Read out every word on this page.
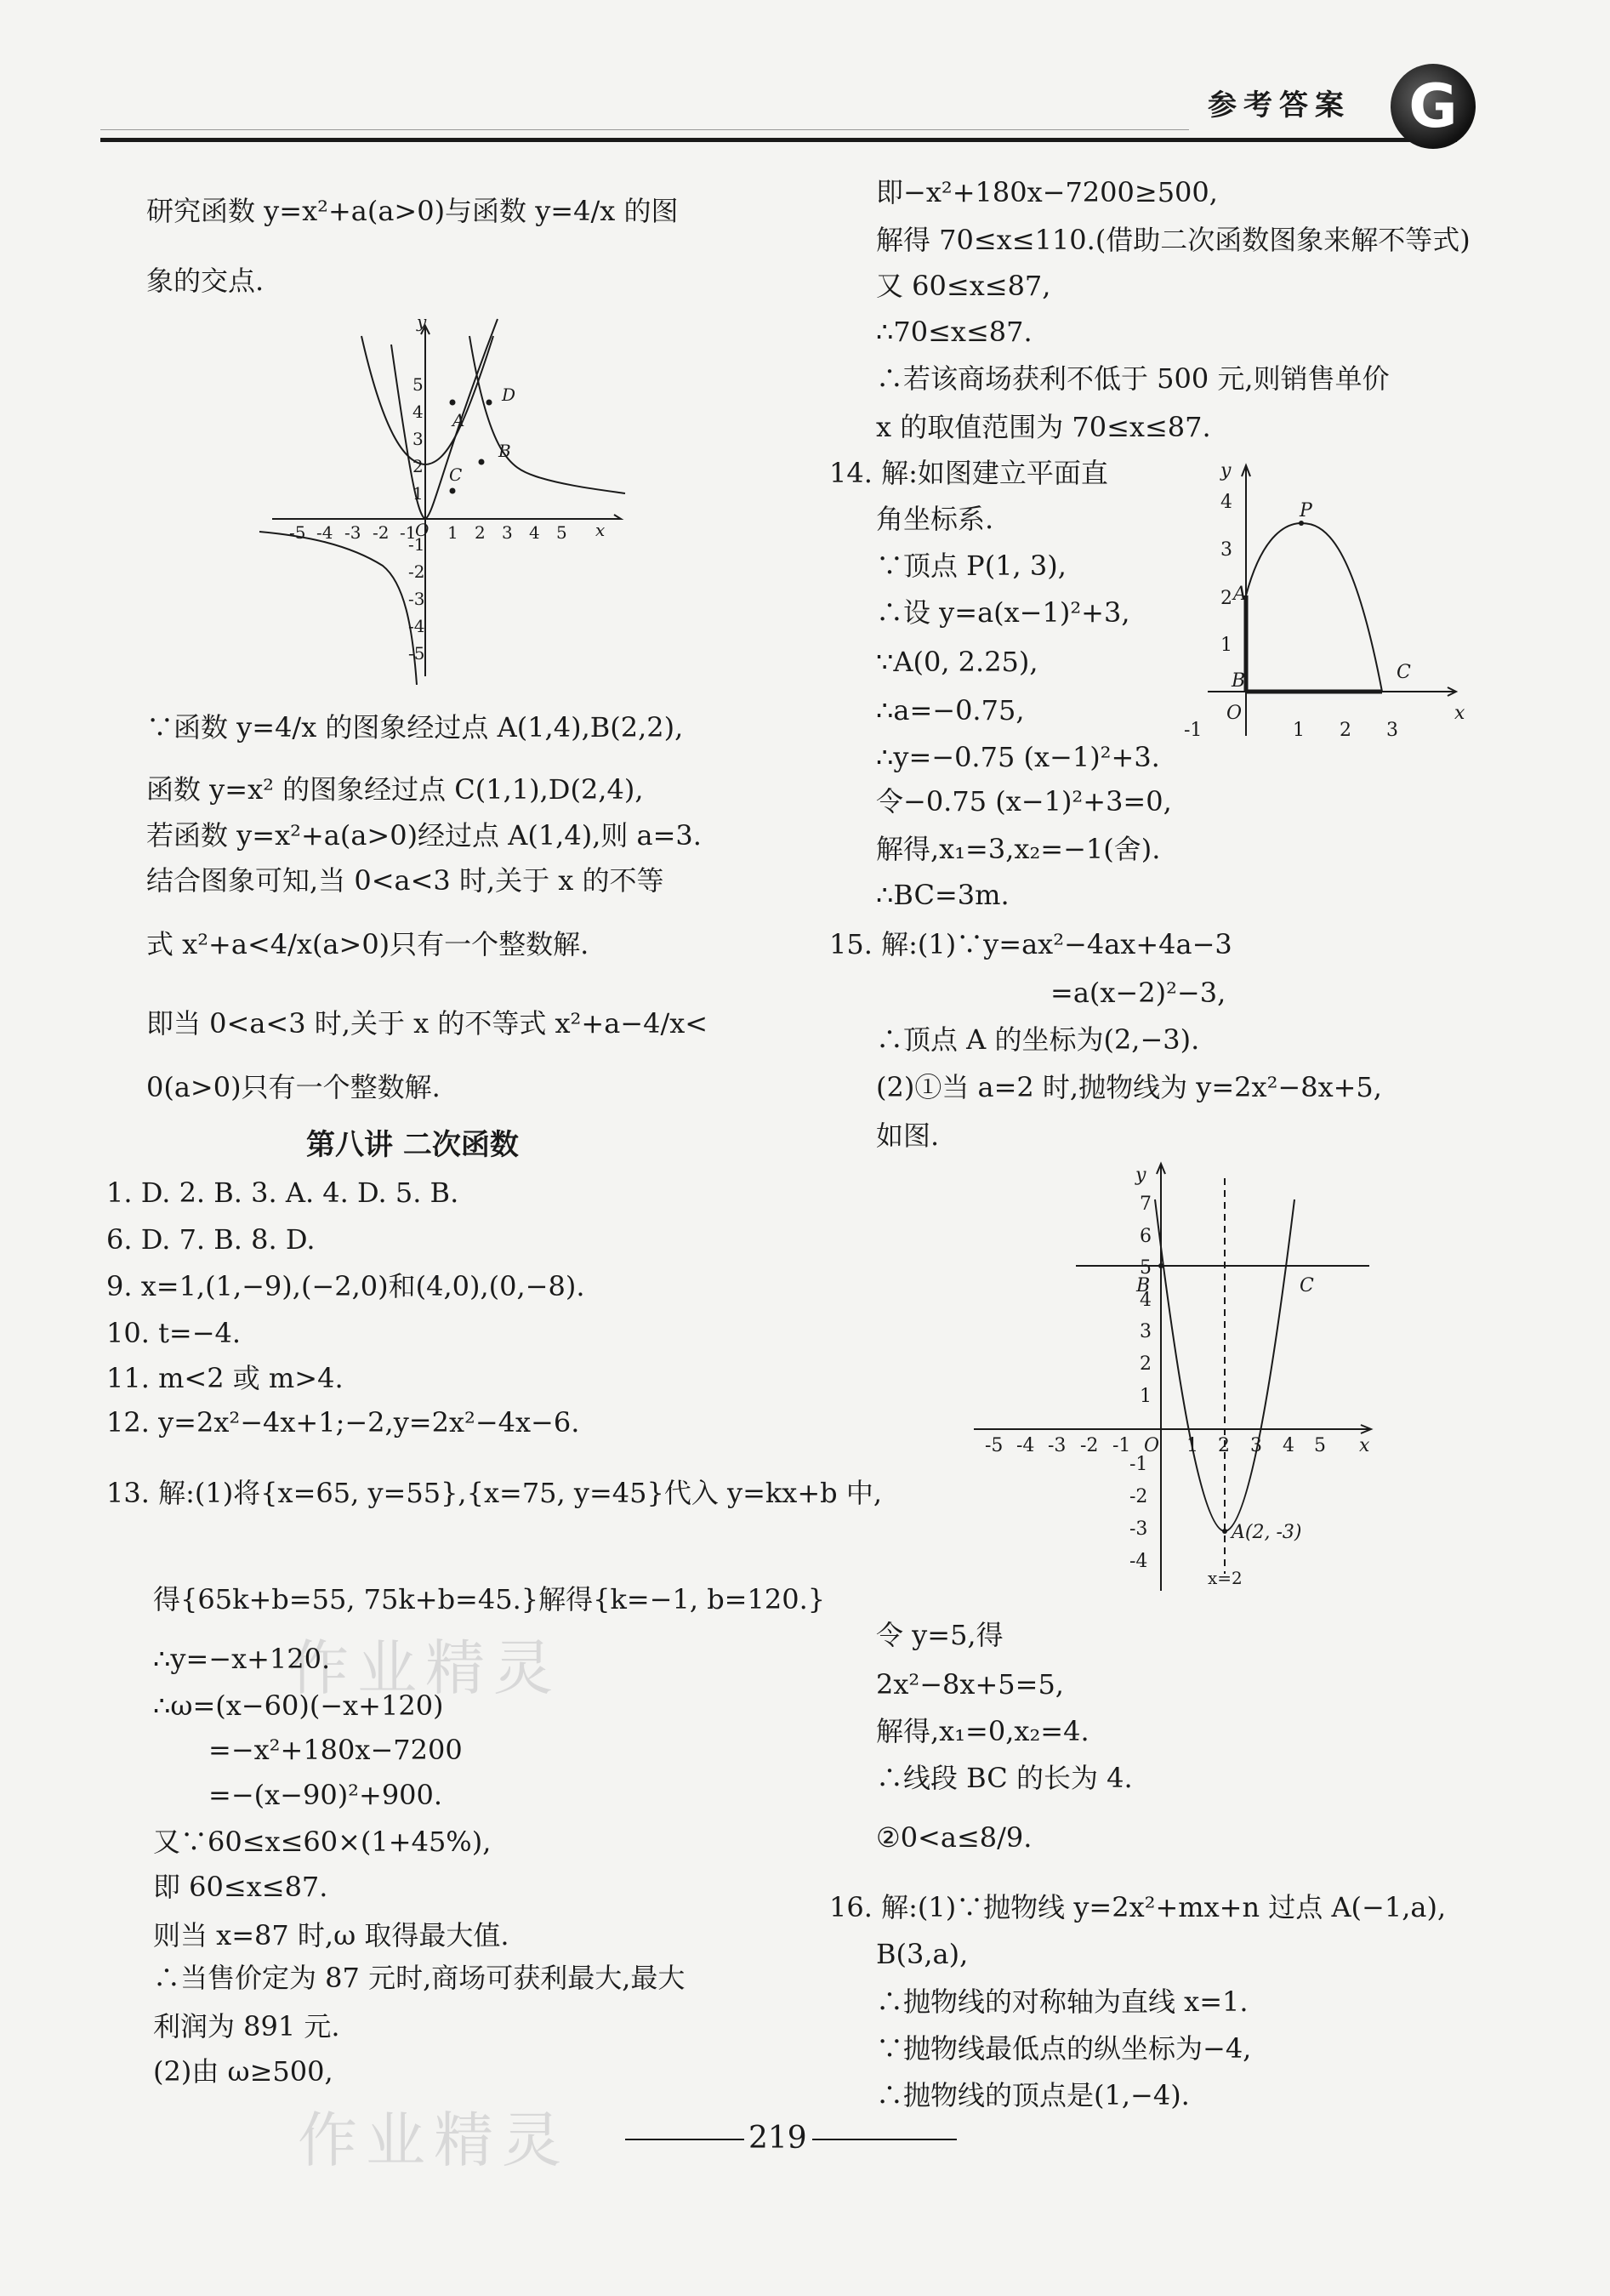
参考答案 G
作业精灵
作业精灵
研究函数 y=x²+a(a>0)与函数 y=4/x 的图
象的交点.
y
x
O
-5 -4 -3 -2 -1 1 2 3 4 5
1
2
3
4
5
-1
-2
-3
-4
-5
A
B
C
D
∵函数 y=4/x 的图象经过点 A(1,4),B(2,2),
函数 y=x² 的图象经过点 C(1,1),D(2,4),
若函数 y=x²+a(a>0)经过点 A(1,4),则 a=3.
结合图象可知,当 0<a<3 时,关于 x 的不等
式 x²+a<4/x(a>0)只有一个整数解.
即当 0<a<3 时,关于 x 的不等式 x²+a−4/x<
0(a>0)只有一个整数解.
第八讲 二次函数
1. D. 2. B. 3. A. 4. D. 5. B.
6. D. 7. B. 8. D.
9. x=1,(1,−9),(−2,0)和(4,0),(0,−8).
10. t=−4.
11. m<2 或 m>4.
12. y=2x²−4x+1;−2,y=2x²−4x−6.
13. 解:(1)将{x=65, y=55},{x=75, y=45}代入 y=kx+b 中,
得{65k+b=55, 75k+b=45.}解得{k=−1, b=120.}
∴y=−x+120.
∴ω=(x−60)(−x+120)
=−x²+180x−7200
=−(x−90)²+900.
又∵60≤x≤60×(1+45%),
即 60≤x≤87.
则当 x=87 时,ω 取得最大值.
∴当售价定为 87 元时,商场可获利最大,最大
利润为 891 元.
(2)由 ω≥500,
即−x²+180x−7200≥500,
解得 70≤x≤110.(借助二次函数图象来解不等式)
又 60≤x≤87,
∴70≤x≤87.
∴若该商场获利不低于 500 元,则销售单价
x 的取值范围为 70≤x≤87.
14. 解:如图建立平面直
角坐标系.
∵顶点 P(1, 3),
∴设 y=a(x−1)²+3,
∵A(0, 2.25),
∴a=−0.75,
∴y=−0.75 (x−1)²+3.
令−0.75 (x−1)²+3=0,
解得,x₁=3,x₂=−1(舍).
∴BC=3m.
y
x
O
-1	1 2 3
1
2
3
4	P
A
B	C
15. 解:(1)∵y=ax²−4ax+4a−3
=a(x−2)²−3,
∴顶点 A 的坐标为(2,−3).
(2)①当 a=2 时,抛物线为 y=2x²−8x+5,
如图.
y
x
O
-5 -4 -3 -2 -1	1 2 3 4 5
1
2
3
4
5
6
7
-1
-2
-3
-4
B	C
A(2, -3)
x=2
令 y=5,得
2x²−8x+5=5,
解得,x₁=0,x₂=4.
∴线段 BC 的长为 4.
②0<a≤8/9.
16. 解:(1)∵抛物线 y=2x²+mx+n 过点 A(−1,a),
B(3,a),
∴抛物线的对称轴为直线 x=1.
∵抛物线最低点的纵坐标为−4,
∴抛物线的顶点是(1,−4).
219
